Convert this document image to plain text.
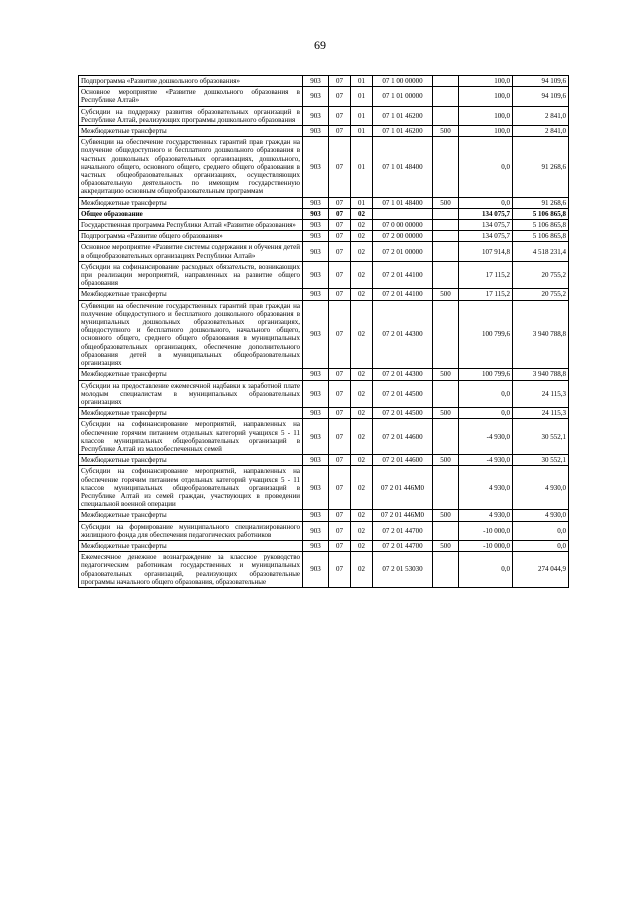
69
Подпрограмма «Развитие дошкольного образования»	903	07	01	07 1 00 00000		100,0	94 109,6
Основное мероприятие «Развитие дошкольного образования в Республике Алтай»	903	07	01	07 1 01 00000		100,0	94 109,6
Субсидии на поддержку развития образовательных организаций в Республике Алтай, реализующих программы дошкольного образования	903	07	01	07 1 01 46200		100,0	2 841,0
Межбюджетные трансферты	903	07	01	07 1 01 46200	500	100,0	2 841,0
Субвенции на обеспечение государственных гарантий прав граждан на получение общедоступного и бесплатного дошкольного образования в частных дошкольных образовательных организациях, дошкольного, начального общего, основного общего, среднего общего образования в частных общеобразовательных организациях, осуществляющих образовательную деятельность по имеющим государственную аккредитацию основным общеобразовательным программам	903	07	01	07 1 01 48400		0,0	91 268,6
Межбюджетные трансферты	903	07	01	07 1 01 48400	500	0,0	91 268,6
Общее образование	903	07	02			134 075,7	5 106 865,8
Государственная программа Республики Алтай «Развитие образования»	903	07	02	07 0 00 00000		134 075,7	5 106 865,8
Подпрограмма «Развитие общего образования»	903	07	02	07 2 00 00000		134 075,7	5 106 865,8
Основное мероприятие «Развитие системы содержания и обучения детей в общеобразовательных организациях Республики Алтай»	903	07	02	07 2 01 00000		107 914,8	4 518 231,4
Субсидии на софинансирование расходных обязательств, возникающих при реализации мероприятий, направленных на развитие общего образования	903	07	02	07 2 01 44100		17 115,2	20 755,2
Межбюджетные трансферты	903	07	02	07 2 01 44100	500	17 115,2	20 755,2
Субвенции на обеспечение государственных гарантий прав граждан на получение общедоступного и бесплатного дошкольного образования в муниципальных дошкольных образовательных организациях, общедоступного и бесплатного дошкольного, начального общего, основного общего, среднего общего образования в муниципальных общеобразовательных организациях, обеспечение дополнительного образования детей в муниципальных общеобразовательных организациях	903	07	02	07 2 01 44300		100 799,6	3 940 788,8
Межбюджетные трансферты	903	07	02	07 2 01 44300	500	100 799,6	3 940 788,8
Субсидии на предоставление ежемесячной надбавки к заработной плате молодым специалистам в муниципальных образовательных организациях	903	07	02	07 2 01 44500		0,0	24 115,3
Межбюджетные трансферты	903	07	02	07 2 01 44500	500	0,0	24 115,3
Субсидии на софинансирование мероприятий, направленных на обеспечение горячим питанием отдельных категорий учащихся 5 - 11 классов муниципальных общеобразовательных организаций в Республике Алтай из малообеспеченных семей	903	07	02	07 2 01 44600		-4 930,0	30 552,1
Межбюджетные трансферты	903	07	02	07 2 01 44600	500	-4 930,0	30 552,1
Субсидии на софинансирование мероприятий, направленных на обеспечение горячим питанием отдельных категорий учащихся 5 - 11 классов муниципальных общеобразовательных организаций в Республике Алтай из семей граждан, участвующих в проведении специальной военной операции	903	07	02	07 2 01 446М0		4 930,0	4 930,0
Межбюджетные трансферты	903	07	02	07 2 01 446М0	500	4 930,0	4 930,0
Субсидии на формирование муниципального специализированного жилищного фонда для обеспечения педагогических работников	903	07	02	07 2 01 44700		-10 000,0	0,0
Межбюджетные трансферты	903	07	02	07 2 01 44700	500	-10 000,0	0,0
Ежемесячное денежное вознаграждение за классное руководство педагогическим работникам государственных и муниципальных образовательных организаций, реализующих образовательные программы начального общего образования, образовательные	903	07	02	07 2 01 53030		0,0	274 044,9
